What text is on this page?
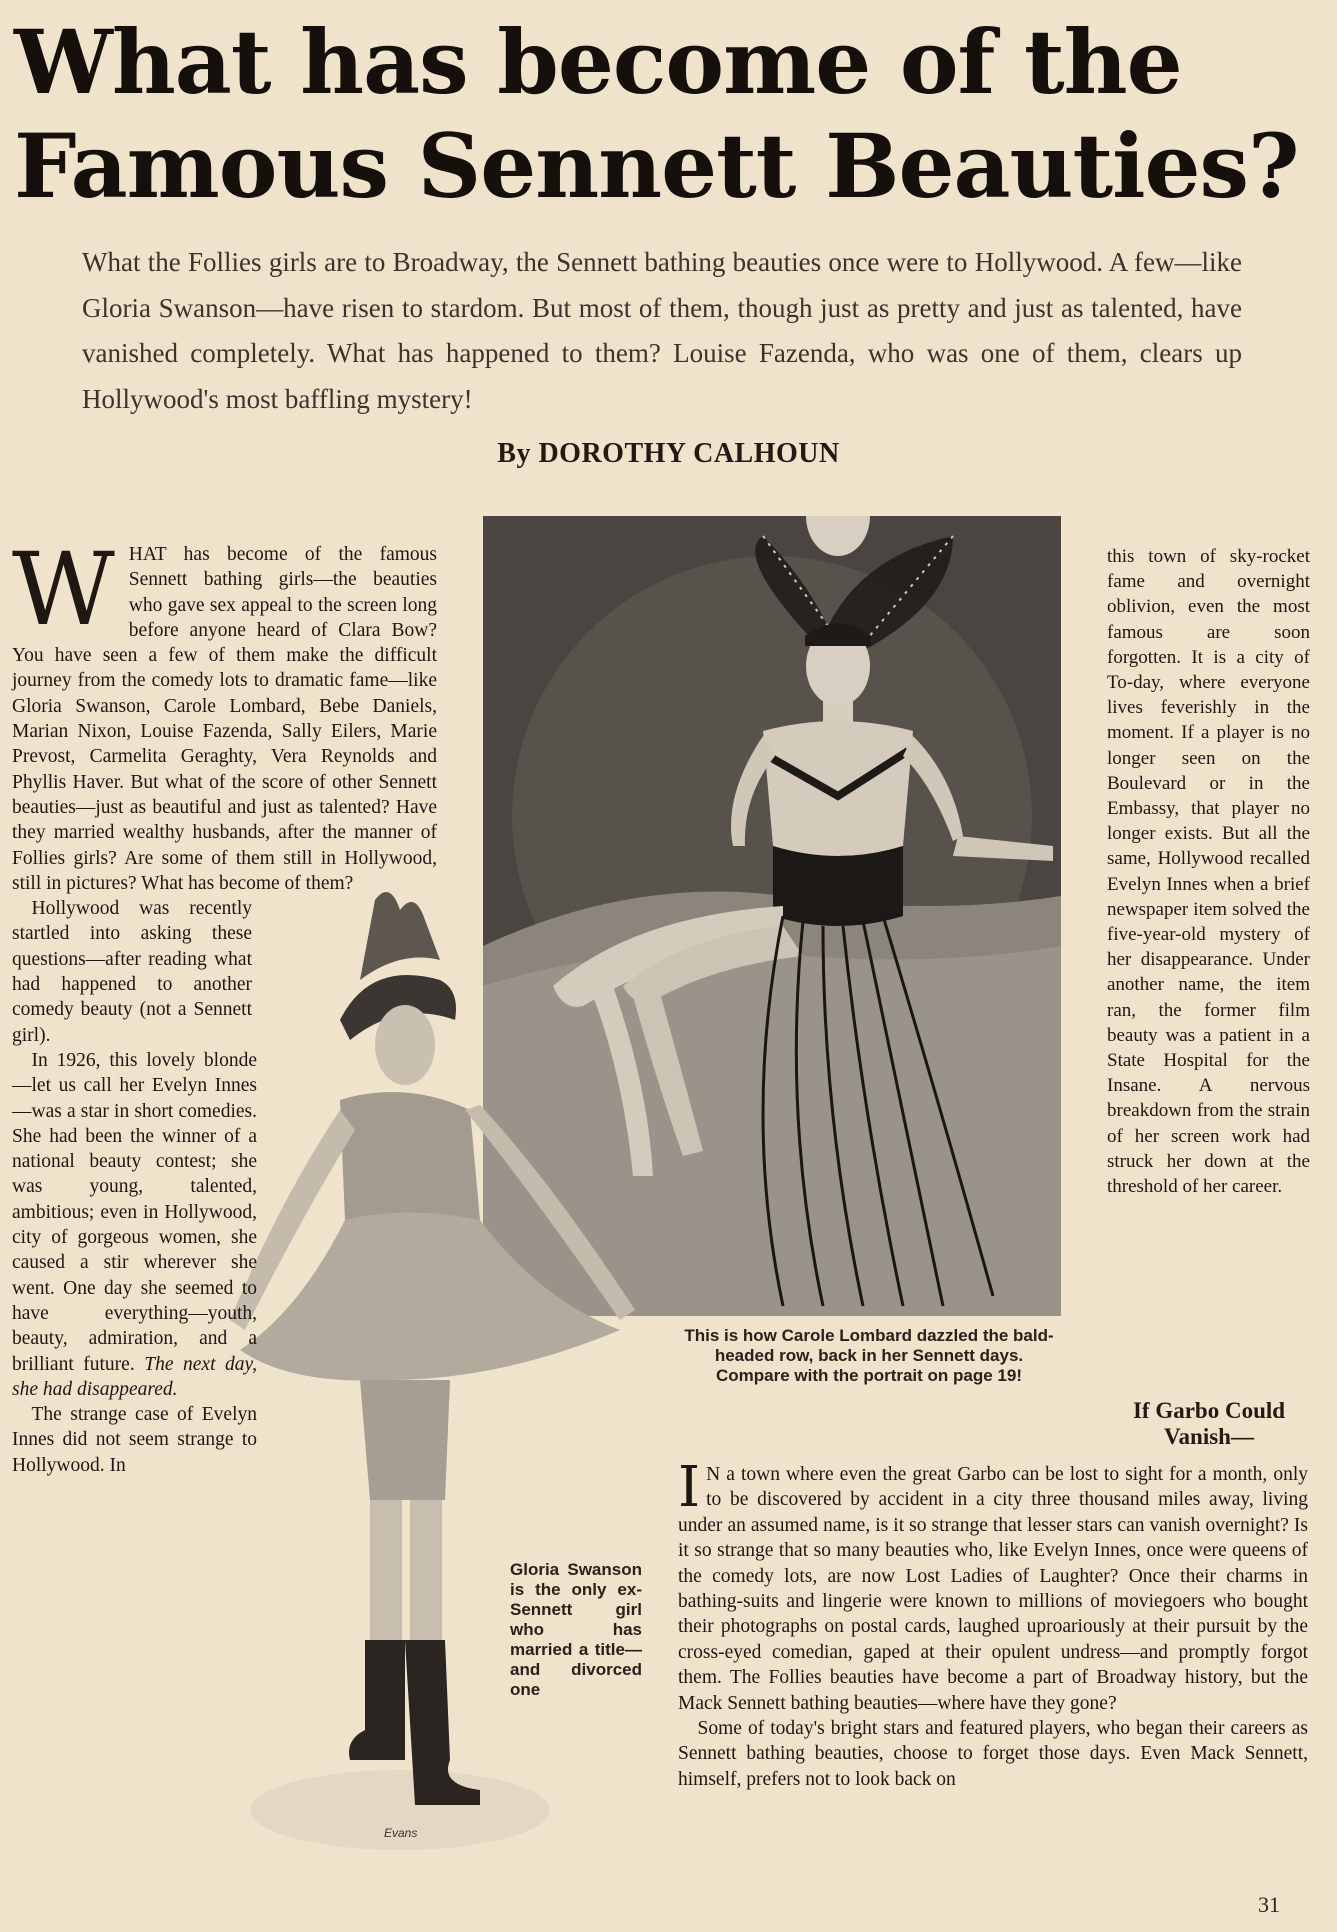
What has become of the
Famous Sennett Beauties?

What the Follies girls are to Broadway, the Sennett bathing beauties once were to Hollywood. A few—like Gloria Swanson—have risen to stardom. But most of them, though just as pretty and just as talented, have vanished completely. What has happened to them? Louise Fazenda, who was one of them, clears up Hollywood's most baffling mystery!

By DOROTHY CALHOUN
This is how Carole Lombard dazzled the bald-headed row, back in her Sennett days. Compare with the portrait on page 19!
Gloria Swanson is the only ex-Sennett girl who has married a title—and divorced one
Evans

WHAT has become of the famous Sennett bathing girls—the beauties who gave sex appeal to the screen long before anyone heard of Clara Bow? You have seen a few of them make the difficult journey from the comedy lots to dramatic fame—like Gloria Swanson, Carole Lombard, Bebe Daniels, Marian Nixon, Louise Fazenda, Sally Eilers, Marie Prevost, Carmelita Geraghty, Vera Reynolds and Phyllis Haver. But what of the score of other Sennett beauties—just as beautiful and just as talented? Have they married wealthy husbands, after the manner of Follies girls? Are some of them still in Hollywood, still in pictures? What has become of them?

Hollywood was recently startled into asking these questions—after reading what had happened to another comedy beauty (not a Sennett girl).

In 1926, this lovely blonde—let us call her Evelyn Innes—was a star in short comedies. She had been the winner of a national beauty contest; she was young, talented, ambitious; even in Hollywood, city of gorgeous women, she caused a stir wherever she went. One day she seemed to have everything—youth, beauty, admiration, and a brilliant future. The next day, she had disappeared.

The strange case of Evelyn Innes did not seem strange to Hollywood. In

this town of sky-rocket fame and overnight oblivion, even the most famous are soon forgotten. It is a city of To-day, where everyone lives feverishly in the moment. If a player is no longer seen on the Boulevard or in the Embassy, that player no longer exists. But all the same, Hollywood recalled Evelyn Innes when a brief newspaper item solved the five-year-old mystery of her disappearance. Under another name, the item ran, the former film beauty was a patient in a State Hospital for the Insane. A nervous breakdown from the strain of her screen work had struck her down at the threshold of her career.

If Garbo Could Vanish—

I N a town where even the great Garbo can be lost to sight for a month, only to be discovered by accident in a city three thousand miles away, living under an assumed name, is it so strange that lesser stars can vanish overnight? Is it so strange that so many beauties who, like Evelyn Innes, once were queens of the comedy lots, are now Lost Ladies of Laughter? Once their charms in bathing-suits and lingerie were known to millions of moviegoers who bought their photographs on postal cards, laughed uproariously at their pursuit by the cross-eyed comedian, gaped at their opulent undress—and promptly forgot them. The Follies beauties have become a part of Broadway history, but the Mack Sennett bathing beauties—where have they gone?

Some of today's bright stars and featured players, who began their careers as Sennett bathing beauties, choose to forget those days. Even Mack Sennett, himself, prefers not to look back on

31
